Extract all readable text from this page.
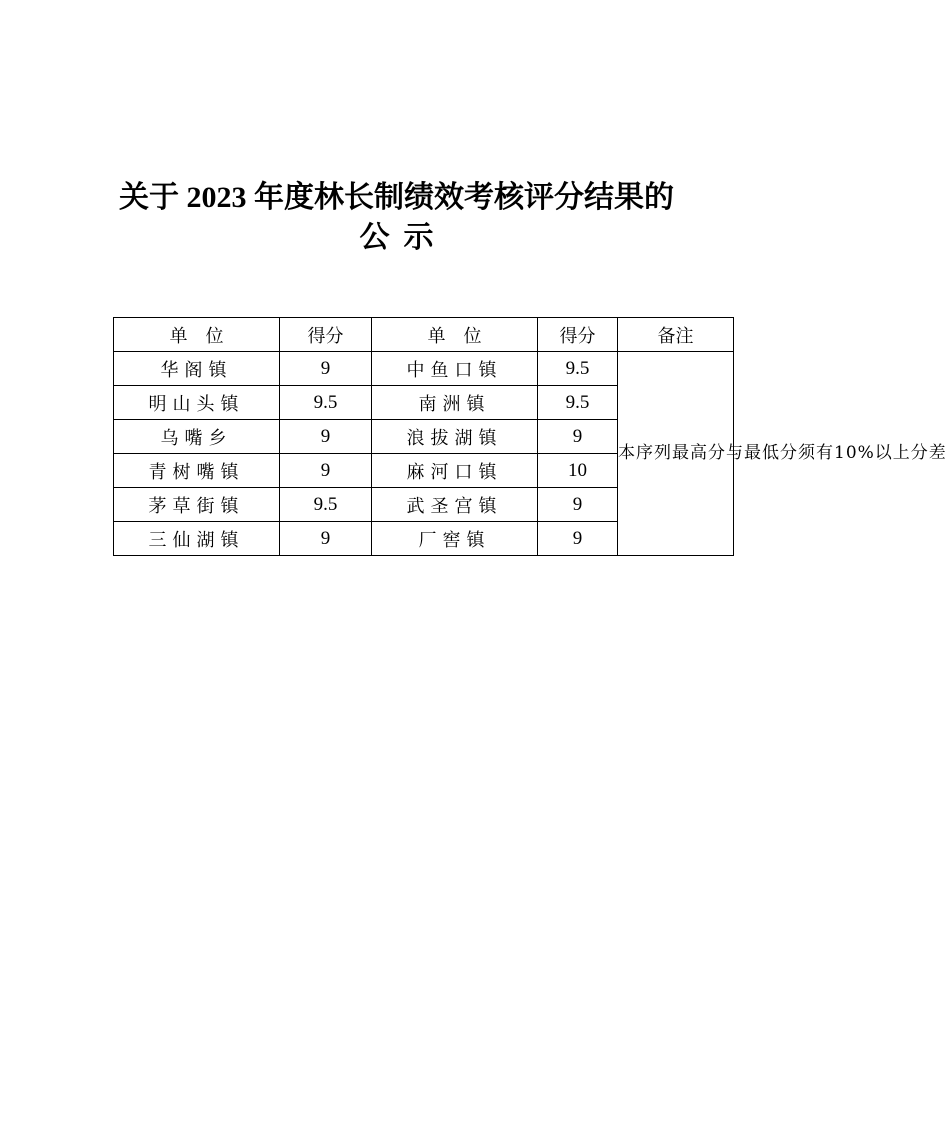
关于 2023 年度林长制绩效考核评分结果的
公示
单　位	得分	单　位	得分	备注
华阁镇	9	中鱼口镇	9.5	本序列最高分与最低分须有10%以上分差
明山头镇	9.5	南洲镇	9.5	
乌嘴乡	9	浪拔湖镇	9	
青树嘴镇	9	麻河口镇	10	
茅草街镇	9.5	武圣宫镇	9	
三仙湖镇	9	厂窖镇	9	
